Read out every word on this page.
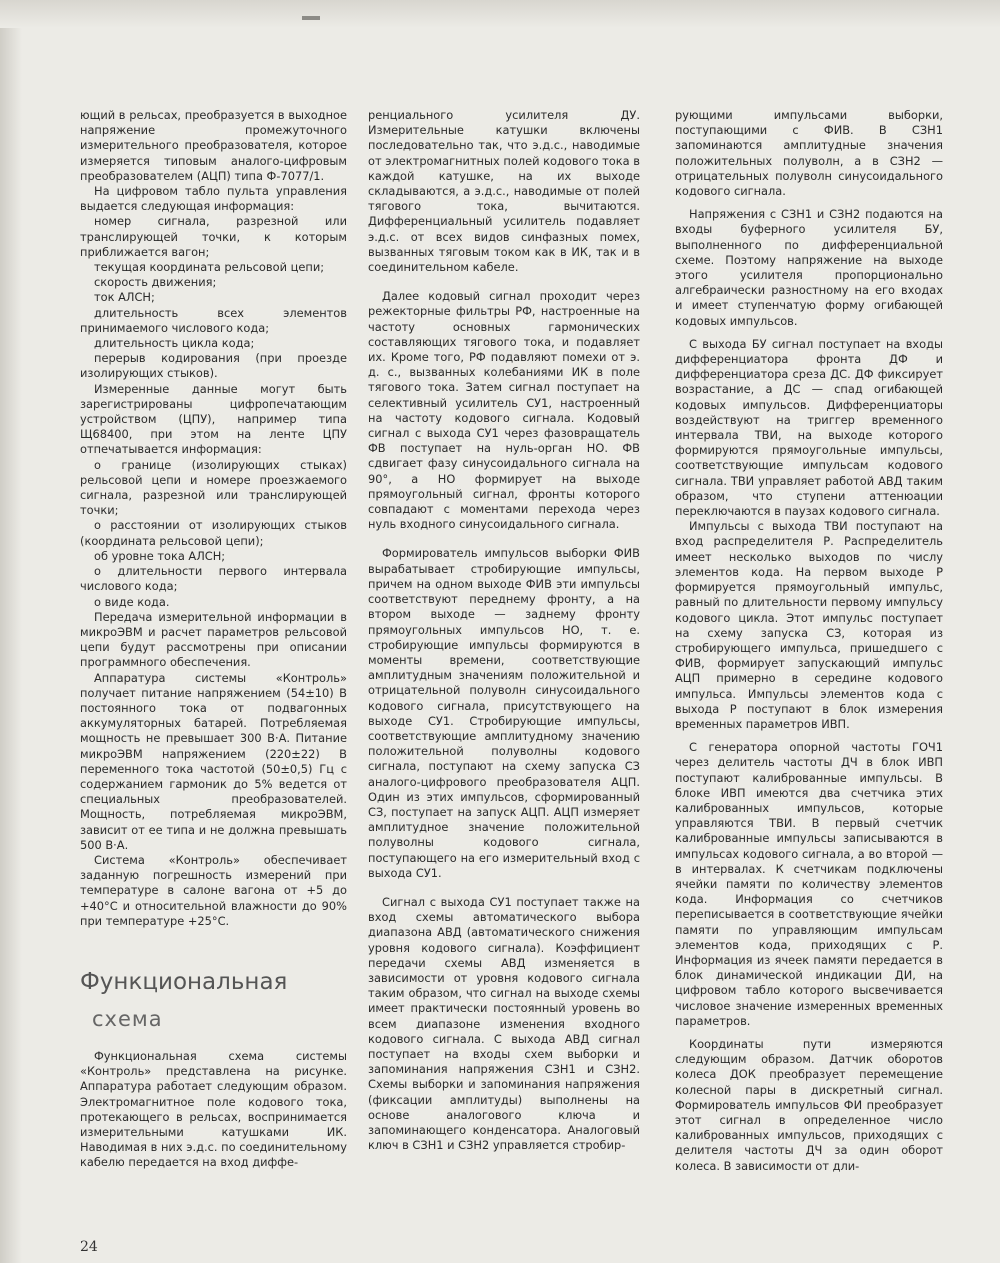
ющий в рельсах, преобразуется в выходное напряжение промежуточного измерительного преобразователя, которое измеряется типовым аналого-цифровым преобразователем (АЦП) типа Ф-7077/1.

На цифровом табло пульта управления выдается следующая информация:

номер сигнала, разрезной или транслирующей точки, к которым приближается вагон;

текущая координата рельсовой цепи;

скорость движения;

ток АЛСН;

длительность всех элементов принимаемого числового кода;

длительность цикла кода;

перерыв кодирования (при проезде изолирующих стыков).

Измеренные данные могут быть зарегистрированы цифропечатающим устройством (ЦПУ), например типа Щ68400, при этом на ленте ЦПУ отпечатывается информация:

о границе (изолирующих стыках) рельсовой цепи и номере проезжаемого сигнала, разрезной или транслирующей точки;

о расстоянии от изолирующих стыков (координата рельсовой цепи);

об уровне тока АЛСН;

о длительности первого интервала числового кода;

о виде кода.

Передача измерительной информации в микроЭВМ и расчет параметров рельсовой цепи будут рассмотрены при описании программного обеспечения.

Аппаратура системы «Контроль» получает питание напряжением (54±10) В постоянного тока от подвагонных аккумуляторных батарей. Потребляемая мощность не превышает 300 В·А. Питание микроЭВМ напряжением (220±22) В переменного тока частотой (50±0,5) Гц с содержанием гармоник до 5% ведется от специальных преобразователей. Мощность, потребляемая микроЭВМ, зависит от ее типа и не должна превышать 500 В·А.

Система «Контроль» обеспечивает заданную погрешность измерений при температуре в салоне вагона от +5 до +40°С и относительной влажности до 90% при температуре +25°С.

Функциональная
схема

Функциональная схема системы «Контроль» представлена на рисунке. Аппаратура работает следующим образом. Электромагнитное поле кодового тока, протекающего в рельсах, воспринимается измерительными катушками ИК. Наводимая в них э.д.с. по соединительному кабелю передается на вход диффе-

ренциального усилителя ДУ. Измерительные катушки включены последовательно так, что э.д.с., наводимые от электромагнитных полей кодового тока в каждой катушке, на их выходе складываются, а э.д.с., наводимые от полей тягового тока, вычитаются. Дифференциальный усилитель подавляет э.д.с. от всех видов синфазных помех, вызванных тяговым током как в ИК, так и в соединительном кабеле.

Далее кодовый сигнал проходит через режекторные фильтры РФ, настроенные на частоту основных гармонических составляющих тягового тока, и подавляет их. Кроме того, РФ подавляют помехи от э. д. с., вызванных колебаниями ИК в поле тягового тока. Затем сигнал поступает на селективный усилитель СУ1, настроенный на частоту кодового сигнала. Кодовый сигнал с выхода СУ1 через фазовращатель ФВ поступает на нуль-орган НО. ФВ сдвигает фазу синусоидального сигнала на 90°, а НО формирует на выходе прямоугольный сигнал, фронты которого совпадают с моментами перехода через нуль входного синусоидального сигнала.

Формирователь импульсов выборки ФИВ вырабатывает стробирующие импульсы, причем на одном выходе ФИВ эти импульсы соответствуют переднему фронту, а на втором выходе — заднему фронту прямоугольных импульсов НО, т. е. стробирующие импульсы формируются в моменты времени, соответствующие амплитудным значениям положительной и отрицательной полуволн синусоидального кодового сигнала, присутствующего на выходе СУ1. Стробирующие импульсы, соответствующие амплитудному значению положительной полуволны кодового сигнала, поступают на схему запуска СЗ аналого-цифрового преобразователя АЦП. Один из этих импульсов, сформированный СЗ, поступает на запуск АЦП. АЦП измеряет амплитудное значение положительной полуволны кодового сигнала, поступающего на его измерительный вход с выхода СУ1.

Сигнал с выхода СУ1 поступает также на вход схемы автоматического выбора диапазона АВД (автоматического снижения уровня кодового сигнала). Коэффициент передачи схемы АВД изменяется в зависимости от уровня кодового сигнала таким образом, что сигнал на выходе схемы имеет практически постоянный уровень во всем диапазоне изменения входного кодового сигнала. С выхода АВД сигнал поступает на входы схем выборки и запоминания напряжения СЗН1 и СЗН2. Схемы выборки и запоминания напряжения (фиксации амплитуды) выполнены на основе аналогового ключа и запоминающего конденсатора. Аналоговый ключ в СЗН1 и СЗН2 управляется стробир-

рующими импульсами выборки, поступающими с ФИВ. В СЗН1 запоминаются амплитудные значения положительных полуволн, а в СЗН2 — отрицательных полуволн синусоидального кодового сигнала.

Напряжения с СЗН1 и СЗН2 подаются на входы буферного усилителя БУ, выполненного по дифференциальной схеме. Поэтому напряжение на выходе этого усилителя пропорционально алгебраически разностному на его входах и имеет ступенчатую форму огибающей кодовых импульсов.

С выхода БУ сигнал поступает на входы дифференциатора фронта ДФ и дифференциатора среза ДС. ДФ фиксирует возрастание, а ДС — спад огибающей кодовых импульсов. Дифференциаторы воздействуют на триггер временного интервала ТВИ, на выходе которого формируются прямоугольные импульсы, соответствующие импульсам кодового сигнала. ТВИ управляет работой АВД таким образом, что ступени аттенюации переключаются в паузах кодового сигнала.

Импульсы с выхода ТВИ поступают на вход распределителя Р. Распределитель имеет несколько выходов по числу элементов кода. На первом выходе Р формируется прямоугольный импульс, равный по длительности первому импульсу кодового цикла. Этот импульс поступает на схему запуска СЗ, которая из стробирующего импульса, пришедшего с ФИВ, формирует запускающий импульс АЦП примерно в середине кодового импульса. Импульсы элементов кода с выхода Р поступают в блок измерения временных параметров ИВП.

С генератора опорной частоты ГОЧ1 через делитель частоты ДЧ в блок ИВП поступают калиброванные импульсы. В блоке ИВП имеются два счетчика этих калиброванных импульсов, которые управляются ТВИ. В первый счетчик калиброванные импульсы записываются в импульсах кодового сигнала, а во второй — в интервалах. К счетчикам подключены ячейки памяти по количеству элементов кода. Информация со счетчиков переписывается в соответствующие ячейки памяти по управляющим импульсам элементов кода, приходящих с Р. Информация из ячеек памяти передается в блок динамической индикации ДИ, на цифровом табло которого высвечивается числовое значение измеренных временных параметров.

Координаты пути измеряются следующим образом. Датчик оборотов колеса ДОК преобразует перемещение колесной пары в дискретный сигнал. Формирователь импульсов ФИ преобразует этот сигнал в определенное число калиброванных импульсов, приходящих с делителя частоты ДЧ за один оборот колеса. В зависимости от дли-

24
